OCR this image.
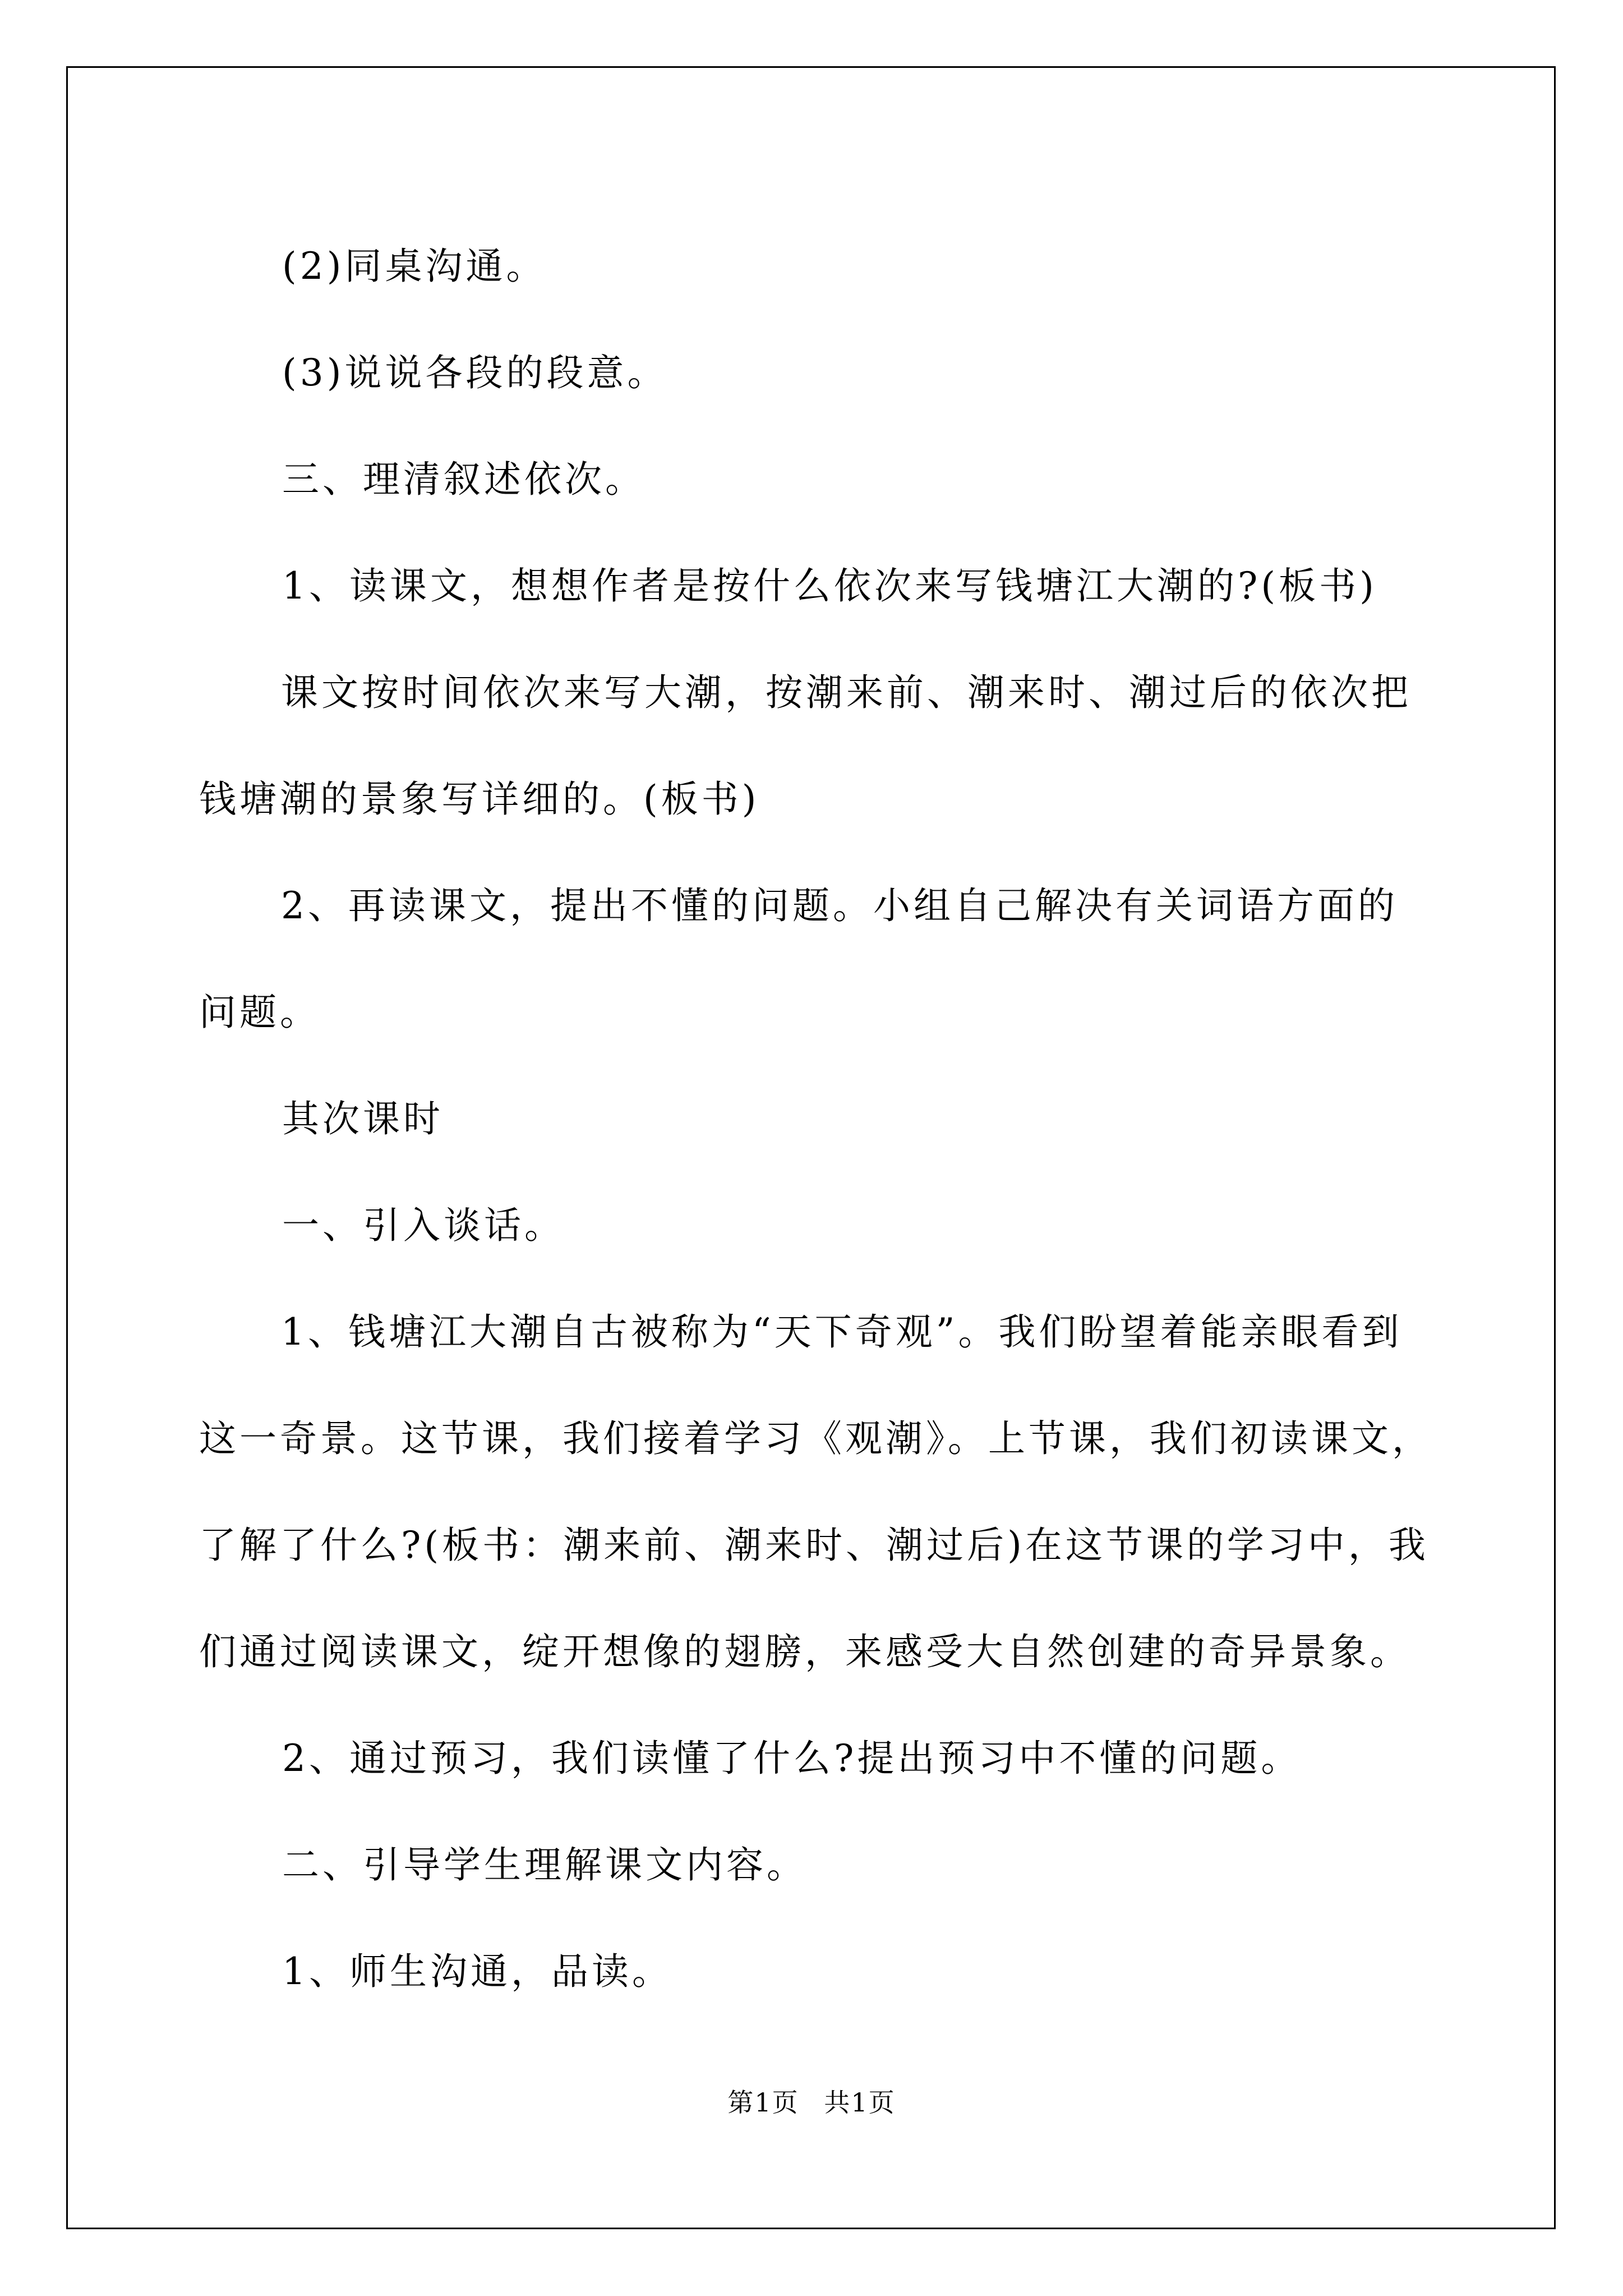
(2)同桌沟通。

(3)说说各段的段意。

三、理清叙述依次。

1、读课文，想想作者是按什么依次来写钱塘江大潮的?(板书)

课文按时间依次来写大潮，按潮来前、潮来时、潮过后的依次把钱塘潮的景象写详细的。(板书)

2、再读课文，提出不懂的问题。小组自己解决有关词语方面的问题。

其次课时

一、引入谈话。

1、钱塘江大潮自古被称为“天下奇观”。我们盼望着能亲眼看到这一奇景。这节课，我们接着学习《观潮》。上节课，我们初读课文，了解了什么?(板书：潮来前、潮来时、潮过后)在这节课的学习中，我们通过阅读课文，绽开想像的翅膀，来感受大自然创建的奇异景象。

2、通过预习，我们读懂了什么?提出预习中不懂的问题。

二、引导学生理解课文内容。

1、师生沟通，品读。

第1页 共1页
